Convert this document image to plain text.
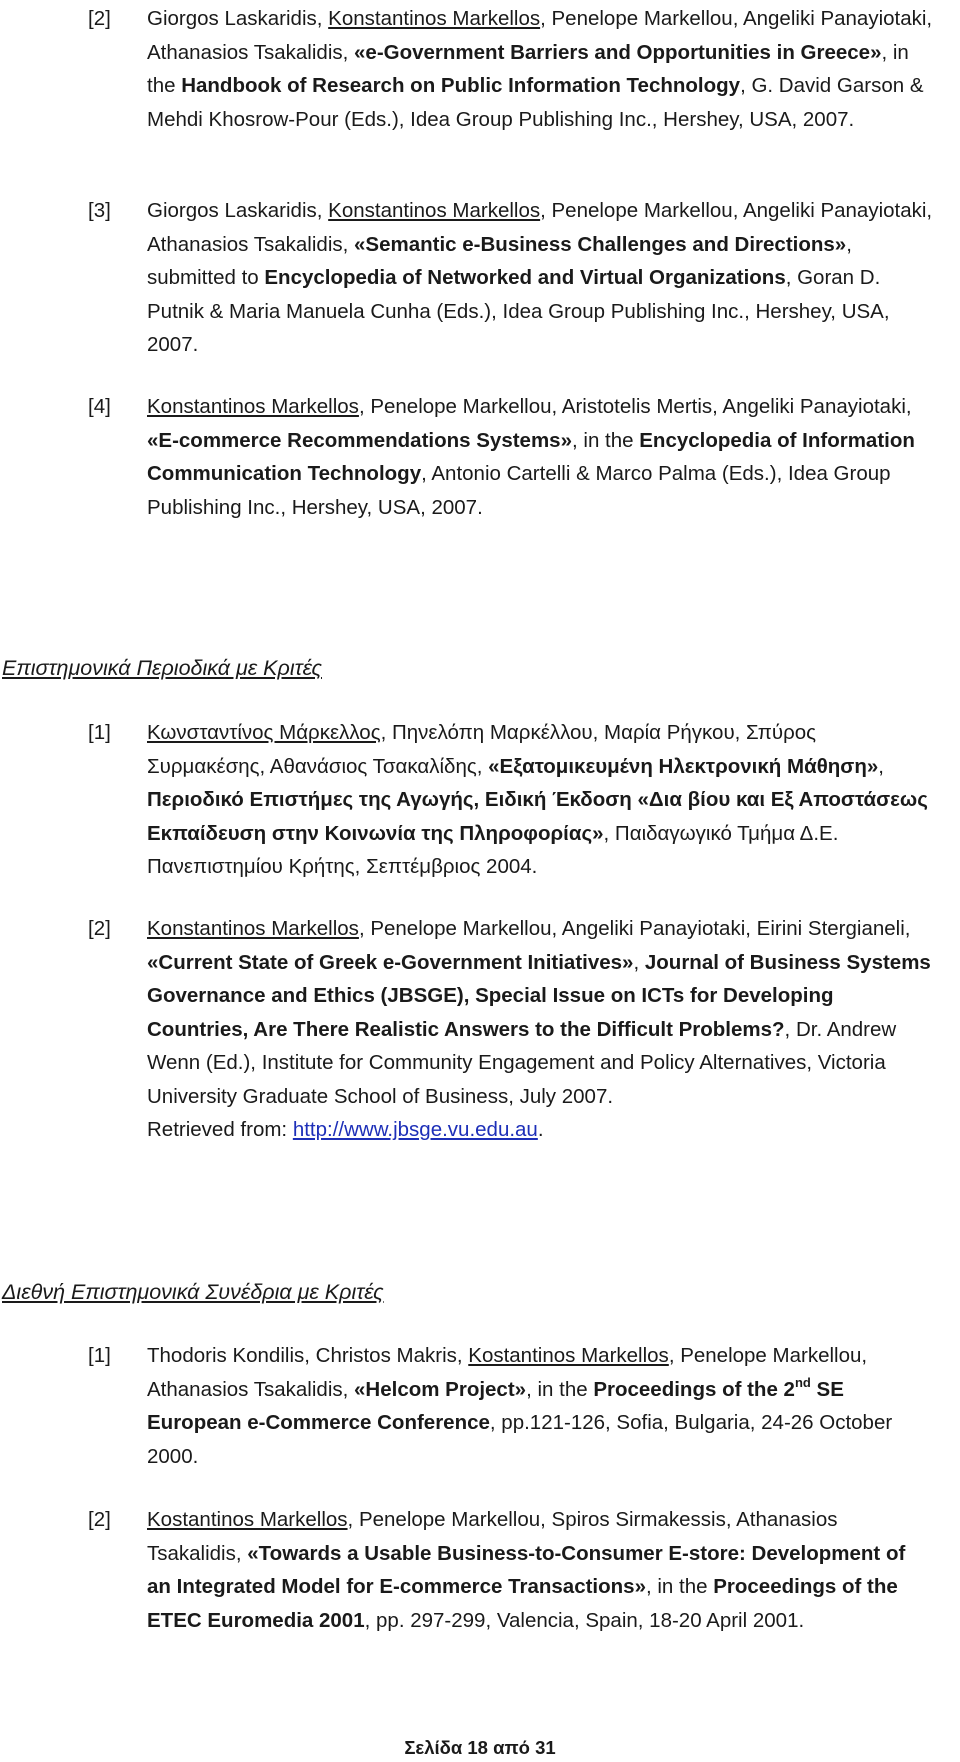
[2] Giorgos Laskaridis, Konstantinos Markellos, Penelope Markellou, Angeliki Panayiotaki, Athanasios Tsakalidis, «e-Government Barriers and Opportunities in Greece», in the Handbook of Research on Public Information Technology, G. David Garson & Mehdi Khosrow-Pour (Eds.), Idea Group Publishing Inc., Hershey, USA, 2007.
[3] Giorgos Laskaridis, Konstantinos Markellos, Penelope Markellou, Angeliki Panayiotaki, Athanasios Tsakalidis, «Semantic e-Business Challenges and Directions», submitted to Encyclopedia of Networked and Virtual Organizations, Goran D. Putnik & Maria Manuela Cunha (Eds.), Idea Group Publishing Inc., Hershey, USA, 2007.
[4] Konstantinos Markellos, Penelope Markellou, Aristotelis Mertis, Angeliki Panayiotaki, «E-commerce Recommendations Systems», in the Encyclopedia of Information Communication Technology, Antonio Cartelli & Marco Palma (Eds.), Idea Group Publishing Inc., Hershey, USA, 2007.
Επιστημονικά Περιοδικά με Κριτές
[1] Κωνσταντίνος Μάρκελλος, Πηνελόπη Μαρκέλλου, Μαρία Ρήγκου, Σπύρος Συρμακέσης, Αθανάσιος Τσακαλίδης, «Εξατομικευμένη Ηλεκτρονική Μάθηση», Περιοδικό Επιστήμες της Αγωγής, Ειδική Έκδοση «Δια βίου και Εξ Αποστάσεως Εκπαίδευση στην Κοινωνία της Πληροφορίας», Παιδαγωγικό Τμήμα Δ.Ε. Πανεπιστημίου Κρήτης, Σεπτέμβριος 2004.
[2] Konstantinos Markellos, Penelope Markellou, Angeliki Panayiotaki, Eirini Stergianeli, «Current State of Greek e-Government Initiatives», Journal of Business Systems Governance and Ethics (JBSGE), Special Issue on ICTs for Developing Countries, Are There Realistic Answers to the Difficult Problems?, Dr. Andrew Wenn (Ed.), Institute for Community Engagement and Policy Alternatives, Victoria University Graduate School of Business, July 2007.
Retrieved from: http://www.jbsge.vu.edu.au.
Διεθνή Επιστημονικά Συνέδρια με Κριτές
[1] Thodoris Kondilis, Christos Makris, Kostantinos Markellos, Penelope Markellou, Athanasios Tsakalidis, «Helcom Project», in the Proceedings of the 2nd SE European e-Commerce Conference, pp.121-126, Sofia, Bulgaria, 24-26 October 2000.
[2] Kostantinos Markellos, Penelope Markellou, Spiros Sirmakessis, Athanasios Tsakalidis, «Towards a Usable Business-to-Consumer E-store: Development of an Integrated Model for E-commerce Transactions», in the Proceedings of the ETEC Euromedia 2001, pp. 297-299, Valencia, Spain, 18-20 April 2001.
Σελίδα 18 από 31
